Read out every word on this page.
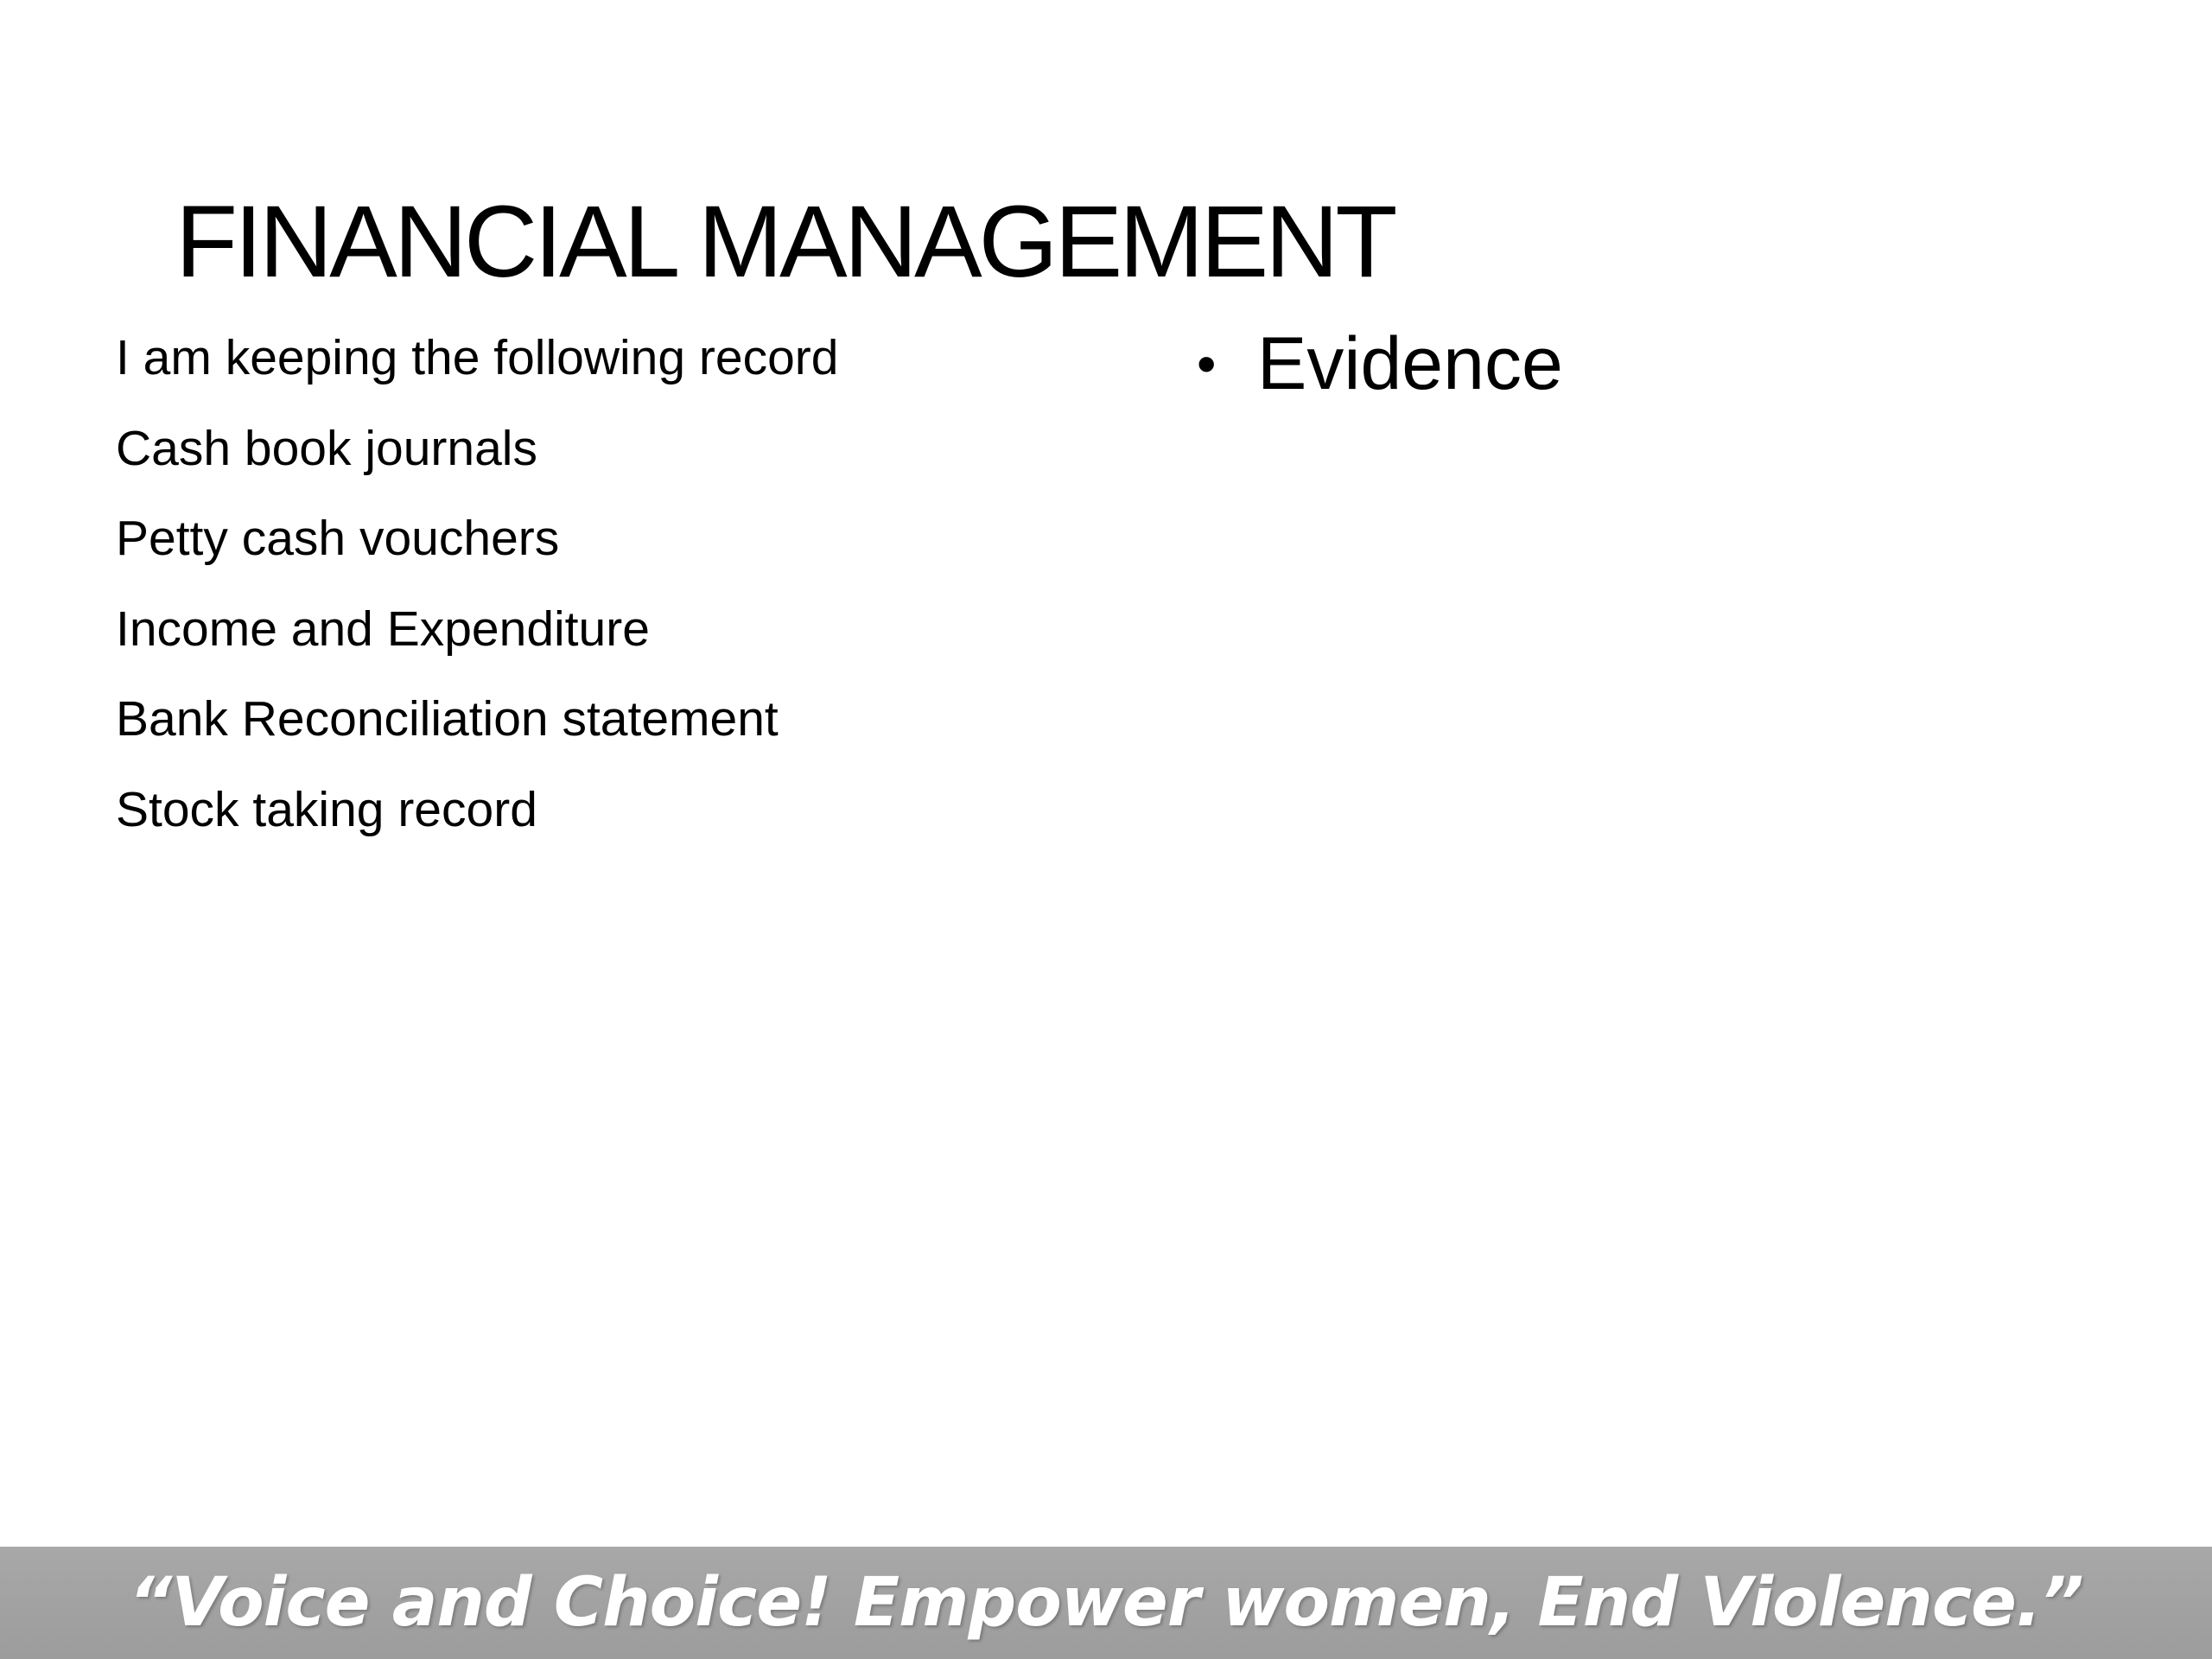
FINANCIAL MANAGEMENT
I am keeping the following record
Cash book journals
Petty cash vouchers
Income and Expenditure
Bank Reconciliation statement
Stock taking record
• Evidence
“Voice and Choice! Empower women, End Violence.”
